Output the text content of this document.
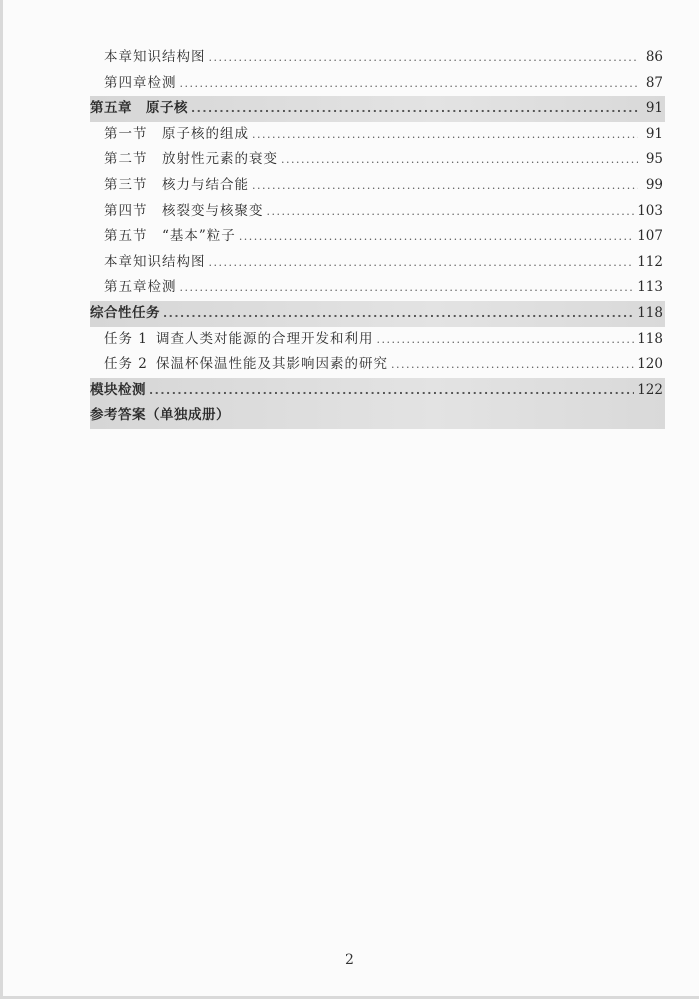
本章知识结构图 .....	86
第四章检测 .....	87
第五章　原子核 .....	91
第一节 原子核的组成 .....	91
第二节 放射性元素的衰变 .....	95
第三节 核力与结合能 .....	99
第四节 核裂变与核聚变 .....	103
第五节 “基本”粒子 .....	107
本章知识结构图 .....	112
第五章检测 .....	113
综合性任务 .....	118
任务 1 调查人类对能源的合理开发和利用 .....	118
任务 2 保温杯保温性能及其影响因素的研究 .....	120
模块检测 .....	122
参考答案（单独成册）
2
